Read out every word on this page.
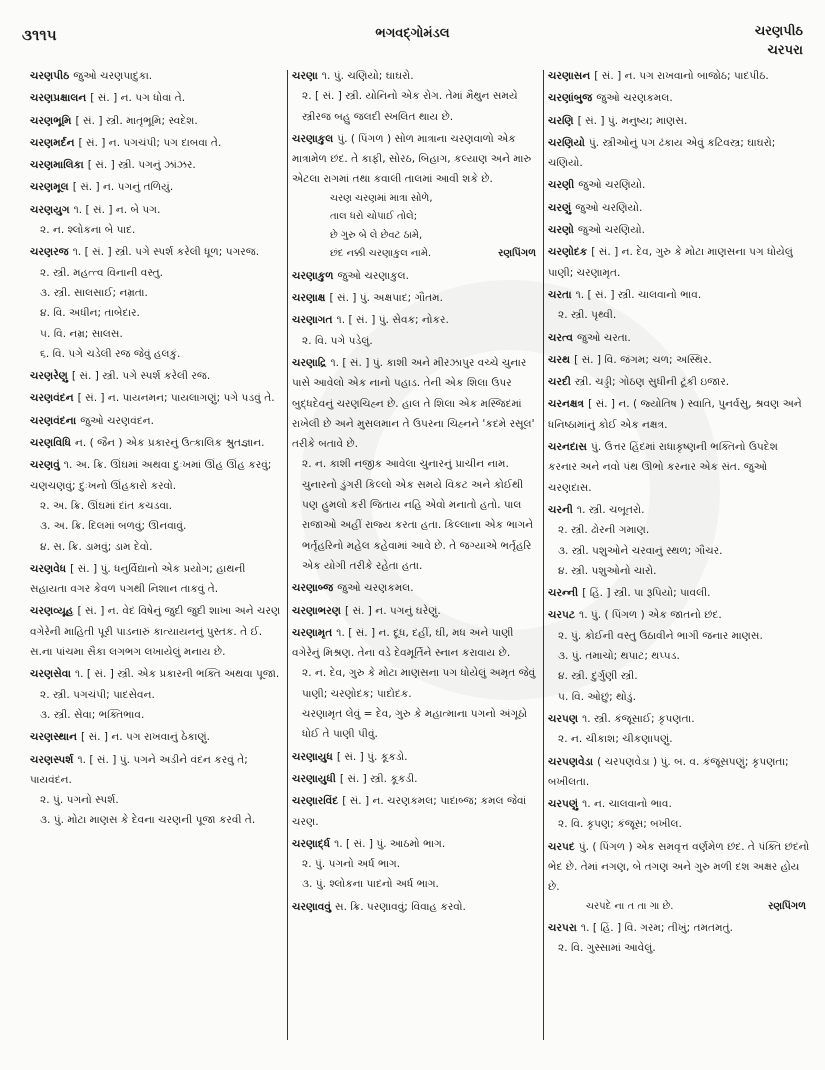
૩૧૧૫	ભગવદ્ગોમંડલ	ચરણપીઠ
ચરપરા
ચરણપીઠ જુઓ ચરણપાદુકા.
ચરણપ્રક્ષાલન [ સં. ] ન. પગ ધોવા તે.
ચરણભૂમિ [ સં. ] સ્ત્રી. માતૃભૂમિ; સ્વદેશ.
ચરણમર્દન [ સં. ] ન. પગચંપી; પગ દાબવા તે.
ચરણમાલિકા [ સં. ] સ્ત્રી. પગનું ઝાંઝર.
ચરણમૂલ [ સં. ] ન. પગનું તળિયું.
ચરણયુગ ૧. [ સં. ] ન. બે પગ.
૨. ન. શ્લોકના બે પાદ.
ચરણરજ ૧. [ સં. ] સ્ત્રી. પગે સ્પર્શ કરેલી ધૂળ; પગરજ.
૨. સ્ત્રી. મહત્ત્વ વિનાની વસ્તુ.
૩. સ્ત્રી. સાલસાઈ; નમ્રતા.
૪. વિ. અધીન; તાબેદાર.
૫. વિ. નમ્ર; સાલસ.
૬. વિ. પગે ચડેલી રજ જેવું હલકું.
ચરણરેણુ [ સં. ] સ્ત્રી. પગે સ્પર્શ કરેલી રજ.
ચરણવંદન [ સં. ] ન. પાયનમન; પાયલાગણું; પગે પડવું તે.
ચરણવંદના જુઓ ચરણવંદન.
ચરણવિધિ ન. ( જૈન ) એક પ્રકારનું ઉત્કાલિક શ્રુતજ્ઞાન.
ચરણવું ૧. અ. ક્રિ. ઊંઘમાં અથવા દુઃખમાં ઊંહ ઊંહ કરવું; ચણચણવું; દુઃખનો ઊંહકારો કરવો.
૨. અ. ક્રિ. ઊંઘમાં દાંત કચડવા.
૩. અ. ક્રિ. દિલમાં બળવું; ઊનવાવું.
૪. સ. ક્રિ. ડામવું; ડામ દેવો.
ચરણવેધ [ સં. ] પું. ધનુર્વિદ્યાનો એક પ્રયોગ; હાથની સહાયતા વગર કેવળ પગથી નિશાન તાકવું તે.
ચરણવ્યૂહ [ સં. ] ન. વેદ વિષેનું જુદી જુદી શાખા અને ચરણ વગેરેની માહિતી પૂરી પાડનારું કાત્યાયનનું પુસ્તક. તે ઈ. સ.ના પાંચમા સૈકા લગભગ લખાયેલું મનાય છે.
ચરણસેવા ૧. [ સં. ] સ્ત્રી. એક પ્રકારની ભક્તિ અથવા પૂજા.
૨. સ્ત્રી. પગચંપી; પાદસેવન.
૩. સ્ત્રી. સેવા; ભક્તિભાવ.
ચરણસ્થાન [ સં. ] ન. પગ રાખવાનું ઠેકાણું.
ચરણસ્પર્શ ૧. [ સં. ] પું. પગને અડીને વંદન કરવું તે; પાયવંદન.
૨. પું. પગનો સ્પર્શ.
૩. પું. મોટા માણસ કે દેવના ચરણની પૂજા કરવી તે.
ચરણા ૧. પું. ચણિયો; ઘાઘરો.
૨. [ સં. ] સ્ત્રી. યોનિનો એક રોગ. તેમાં મૈથુન સમયે સ્ત્રીરજ બહુ જલદી સ્ખલિત થાય છે.
ચરણાકુલ પું. ( પિંગળ ) સોળ માત્રાના ચરણવાળો એક માત્રામેળ છંદ. તે કાફી, સોરઠ, બિહાગ, કલ્યાણ અને મારુ એટલા રાગમાં તથા કવાલી તાલમાં આવી શકે છે.
ચરણ ચરણમાં માત્રા સોળે,
તાલ ધરો ચોપાઈ તોલે;
છે ગુરુ બે લે છેવટ ઠામે,
છંદ નક્કી ચરણાકુલ નામે.	રણપિંગળ
ચરણાકુળ જુઓ ચરણાકુલ.
ચરણાક્ષ [ સં. ] પું. અક્ષપાદ; ગૌતમ.
ચરણાગત ૧. [ સં. ] પું. સેવક; નોકર.
૨. વિ. પગે પડેલું.
ચરણાદ્રિ ૧. [ સં. ] પું. કાશી અને મીરઝાપુર વચ્ચે ચુનાર પાસે આવેલો એક નાનો પહાડ. તેની એક શિલા ઉપર બુદ્ધદેવનું ચરણચિહ્ન છે. હાલ તે શિલા એક મસ્જિદમાં રાખેલી છે અને મુસલમાન તે ઉપરના ચિહ્નને 'કદમે રસૂલ' તરીકે બતાવે છે.
૨. ન. કાશી નજીક આવેલા ચુનારનું પ્રાચીન નામ. ચુનારનો ડુંગરી કિલ્લો એક સમયે વિકટ અને કોઈથી પણ હુમલો કરી જિતાય નહિ એવો મનાતો હતો. પાલ રાજાઓ અહીં રાજ્ય કરતા હતા. કિલ્લાના એક ભાગને ભર્તૃહરિનો મહેલ કહેવામાં આવે છે. તે જગ્યાએ ભર્તૃહરિ એક યોગી તરીકે રહેતા હતા.
ચરણાબ્જ જુઓ ચરણકમલ.
ચરણાભરણ [ સં. ] ન. પગનું ઘરેણું.
ચરણામૃત ૧. [ સં. ] ન. દૂધ, દહીં, ઘી, મધ અને પાણી વગેરેનું મિશ્રણ. તેના વડે દેવમૂર્તિને સ્નાન કરાવાય છે.
૨. ન. દેવ, ગુરુ કે મોટા માણસના પગ ધોયેલું અમૃત જેવું પાણી; ચરણોદક; પાદોદક.
ચરણામૃત લેવું = દેવ, ગુરુ કે મહાત્માના પગનો અંગૂઠો ધોઈ તે પાણી પીવું.
ચરણાયુધ [ સં. ] પું. કૂકડો.
ચરણાયુધી [ સં. ] સ્ત્રી. કૂકડી.
ચરણારવિંદ [ સં. ] ન. ચરણકમલ; પાદાબ્જ; કમલ જેવાં ચરણ.
ચરણાર્દ્ધ ૧. [ સં. ] પું. આઠમો ભાગ.
૨. પું. પગનો અર્ધ ભાગ.
૩. પું. શ્લોકના પાદનો અર્ધ ભાગ.
ચરણાવવું સ. ક્રિ. પરણાવવું; વિવાહ કરવો.
ચરણાસન [ સં. ] ન. પગ રાખવાનો બાજોઠ; પાદપીઠ.
ચરણાંબુજ જુઓ ચરણકમલ.
ચરણિ [ સં. ] પું. મનુષ્ય; માણસ.
ચરણિયો પું. સ્ત્રીઓનું પગ ઢંકાય એવું કટિવસ્ત્ર; ઘાઘરો; ચણિયો.
ચરણી જુઓ ચરણિયો.
ચરણું જુઓ ચરણિયો.
ચરણો જુઓ ચરણિયો.
ચરણોદક [ સં. ] ન. દેવ, ગુરુ કે મોટા માણસના પગ ધોયેલું પાણી; ચરણામૃત.
ચરતા ૧. [ સં. ] સ્ત્રી. ચાલવાનો ભાવ.
૨. સ્ત્રી. પૃથ્વી.
ચરત્વ જુઓ ચરતા.
ચરથ [ સં. ] વિ. જંગમ; ચળ; અસ્થિર.
ચરદી સ્ત્રી. ચડ્ડી; ગોઠણ સુધીની ટૂંકી ઇજાર.
ચરનક્ષત્ર [ સં. ] ન. ( જ્યોતિષ ) સ્વાતિ, પુનર્વસુ, શ્રવણ અને ધનિષ્ઠામાંનું કોઈ એક નક્ષત્ર.
ચરનદાસ પું. ઉત્તર હિંદમાં રાધાકૃષ્ણની ભક્તિનો ઉપદેશ કરનાર અને નવો પંથ ઊભો કરનાર એક સંત. જુઓ ચરણદાસ.
ચરની ૧. સ્ત્રી. ચબૂતરો.
૨. સ્ત્રી. ઢોરની ગમાણ.
૩. સ્ત્રી. પશુઓને ચરવાનું સ્થળ; ગૌચર.
૪. સ્ત્રી. પશુઓનો ચારો.
ચરન્ની [ હિં. ] સ્ત્રી. પા રૂપિયો; પાવલી.
ચરપટ ૧. પું. ( પિંગળ ) એક જાતનો છંદ.
૨. પું. કોઈની વસ્તુ ઉઠાવીને ભાગી જનાર માણસ.
૩. પું. તમાચો; થપાટ; થપ્પડ.
૪. સ્ત્રી. દુર્ગુણી સ્ત્રી.
૫. વિ. ઓછું; થોડું.
ચરપણ ૧. સ્ત્રી. કંજૂસાઈ; કૃપણતા.
૨. ન. ચીકાશ; ચીકણાપણું.
ચરપણવેડા ( ચરપણવેડા ) પું. બ. વ. કંજૂસપણું; કૃપણતા; બખીલતા.
ચરપણું ૧. ન. ચાલવાનો ભાવ.
૨. વિ. કૃપણ; કંજૂસ; બખીલ.
ચરપદ પું. ( પિંગળ ) એક સમવૃત્ત વર્ણમેળ છંદ. તે પંક્તિ છંદનો ભેદ છે. તેમાં નગણ, બે તગણ અને ગુરુ મળી દશ અક્ષર હોય છે.
ચરપદે ના ત તા ગા છે.	રણપિંગળ
ચરપરા ૧. [ હિં. ] વિ. ગરમ; તીખું; તમતમતું.
૨. વિ. ગુસ્સામાં આવેલું.
